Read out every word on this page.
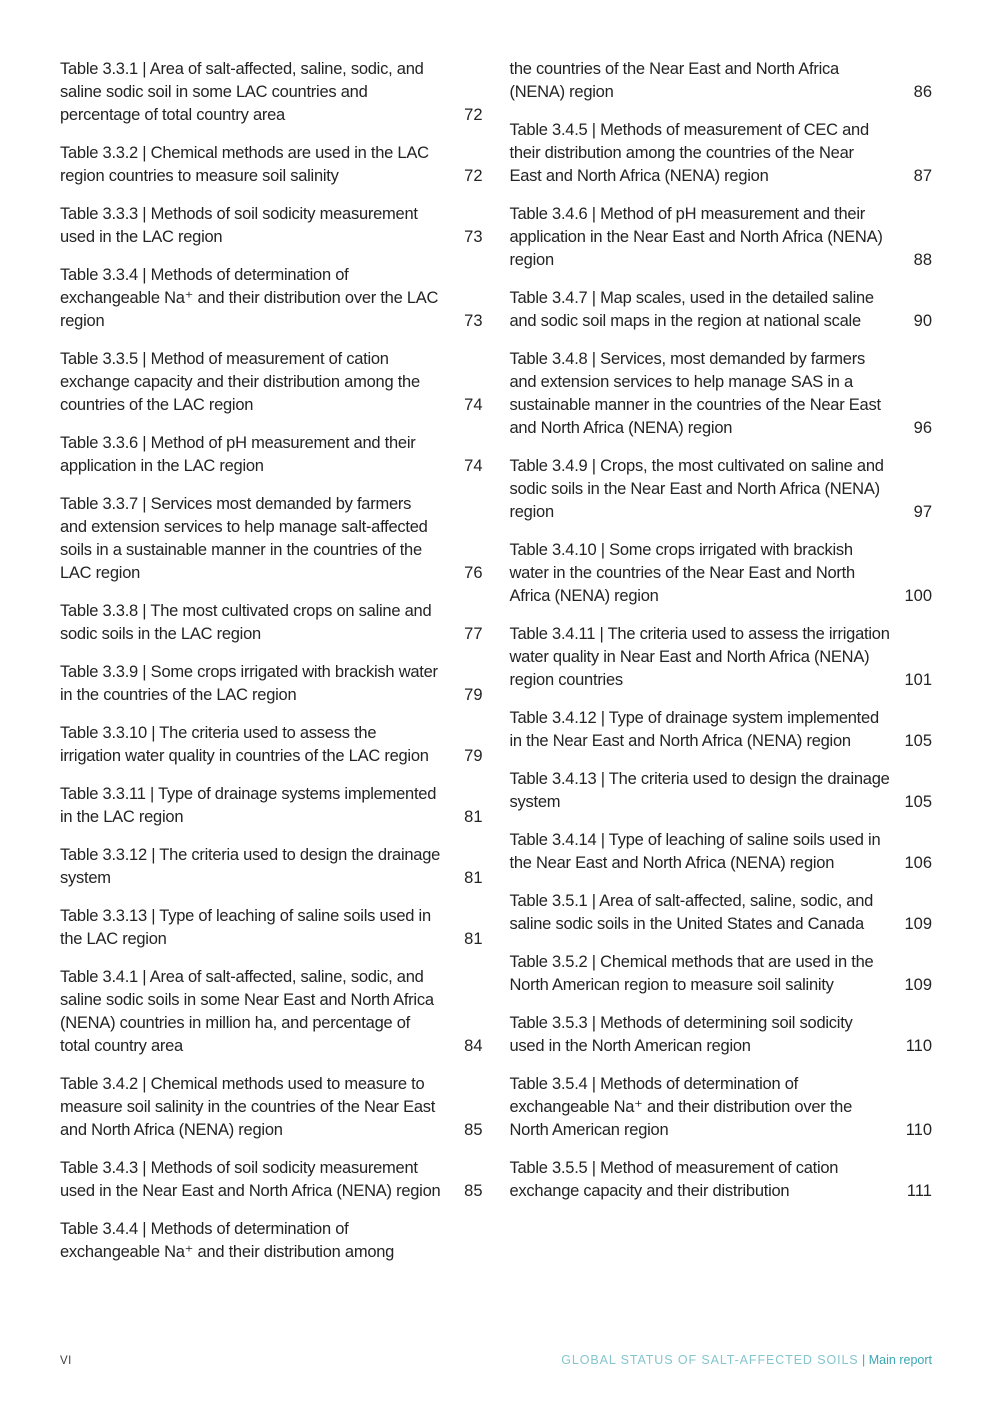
Table 3.3.1 | Area of salt-affected, saline, sodic, and saline sodic soil in some LAC countries and percentage of total country area	72
Table 3.3.2 | Chemical methods are used in the LAC region countries to measure soil salinity	72
Table 3.3.3 | Methods of soil sodicity measurement used in the LAC region	73
Table 3.3.4 | Methods of determination of exchangeable Na⁺ and their distribution over the LAC region	73
Table 3.3.5 | Method of measurement of cation exchange capacity and their distribution among the countries of the LAC region	74
Table 3.3.6 | Method of pH measurement and their application in the LAC region	74
Table 3.3.7 | Services most demanded by farmers and extension services to help manage salt-affected soils in a sustainable manner in the countries of the LAC region	76
Table 3.3.8 | The most cultivated crops on saline and sodic soils in the LAC region	77
Table 3.3.9 | Some crops irrigated with brackish water in the countries of the LAC region	79
Table 3.3.10 | The criteria used to assess the irrigation water quality in countries of the LAC region	79
Table 3.3.11 | Type of drainage systems implemented in the LAC region	81
Table 3.3.12 | The criteria used to design the drainage system	81
Table 3.3.13 | Type of leaching of saline soils used in the LAC region	81
Table 3.4.1 | Area of salt-affected, saline, sodic, and saline sodic soils in some Near East and North Africa (NENA) countries in million ha, and percentage of total country area	84
Table 3.4.2 | Chemical methods used to measure to measure soil salinity in the countries of the Near East and North Africa (NENA) region	85
Table 3.4.3 | Methods of soil sodicity measurement used in the Near East and North Africa (NENA) region	85
Table 3.4.4 | Methods of determination of exchangeable Na⁺ and their distribution among
the countries of the Near East and North Africa (NENA) region	86
Table 3.4.5 | Methods of measurement of CEC and their distribution among the countries of the Near East and North Africa (NENA) region	87
Table 3.4.6 | Method of pH measurement and their application in the Near East and North Africa (NENA) region	88
Table 3.4.7 | Map scales, used in the detailed saline and sodic soil maps in the region at national scale	90
Table 3.4.8 | Services, most demanded by farmers and extension services to help manage SAS in a sustainable manner in the countries of the Near East and North Africa (NENA) region	96
Table 3.4.9 | Crops, the most cultivated on saline and sodic soils in the Near East and North Africa (NENA) region	97
Table 3.4.10 | Some crops irrigated with brackish water in the countries of the Near East and North Africa (NENA) region	100
Table 3.4.11 | The criteria used to assess the irrigation water quality in Near East and North Africa (NENA) region countries	101
Table 3.4.12 | Type of drainage system implemented in the Near East and North Africa (NENA) region	105
Table 3.4.13 | The criteria used to design the drainage system	105
Table 3.4.14 | Type of leaching of saline soils used in the Near East and North Africa (NENA) region	106
Table 3.5.1 | Area of salt-affected, saline, sodic, and saline sodic soils in the United States and Canada	109
Table 3.5.2 | Chemical methods that are used in the North American region to measure soil salinity	109
Table 3.5.3 | Methods of determining soil sodicity used in the North American region	110
Table 3.5.4 | Methods of determination of exchangeable Na⁺ and their distribution over the North American region	110
Table 3.5.5 | Method of measurement of cation exchange capacity and their distribution	111
VI	GLOBAL STATUS OF SALT-AFFECTED SOILS | Main report
